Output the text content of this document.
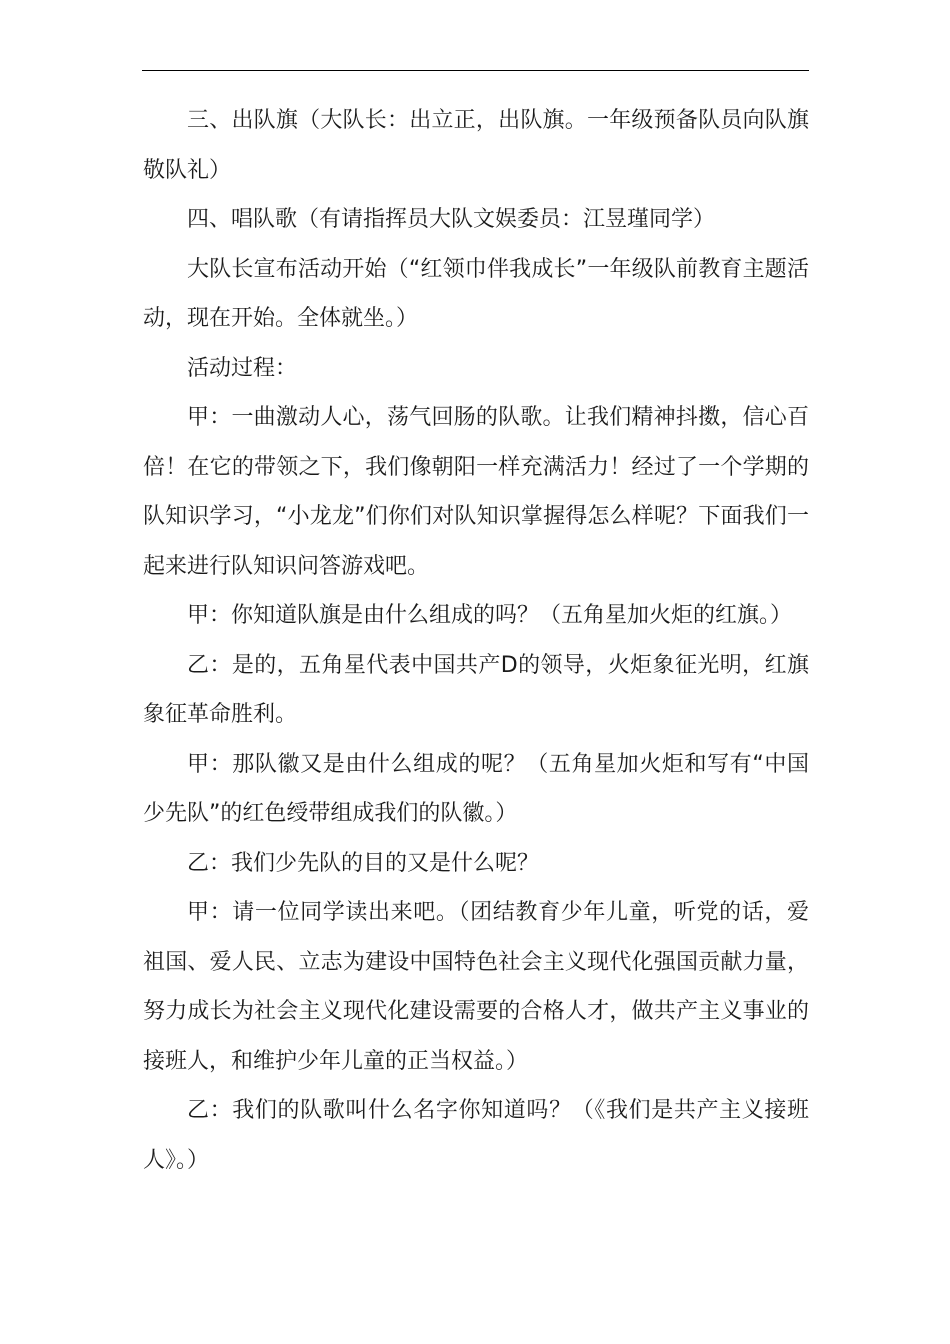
三、出队旗（大队长：出立正，出队旗。一年级预备队员向队旗敬队礼）

四、唱队歌（有请指挥员大队文娱委员：江昱瑾同学）

大队长宣布活动开始（“红领巾伴我成长”一年级队前教育主题活动，现在开始。全体就坐。）

活动过程：

甲：一曲激动人心，荡气回肠的队歌。让我们精神抖擞，信心百倍！在它的带领之下，我们像朝阳一样充满活力！经过了一个学期的队知识学习，“小龙龙”们你们对队知识掌握得怎么样呢？下面我们一起来进行队知识问答游戏吧。

甲：你知道队旗是由什么组成的吗？（五角星加火炬的红旗。）

乙：是的，五角星代表中国共产D的领导，火炬象征光明，红旗象征革命胜利。

甲：那队徽又是由什么组成的呢？（五角星加火炬和写有“中国少先队”的红色绶带组成我们的队徽。）

乙：我们少先队的目的又是什么呢？

甲：请一位同学读出来吧。（团结教育少年儿童，听党的话，爱祖国、爱人民、立志为建设中国特色社会主义现代化强国贡献力量，努力成长为社会主义现代化建设需要的合格人才，做共产主义事业的接班人，和维护少年儿童的正当权益。）

乙：我们的队歌叫什么名字你知道吗？（《我们是共产主义接班人》。）
